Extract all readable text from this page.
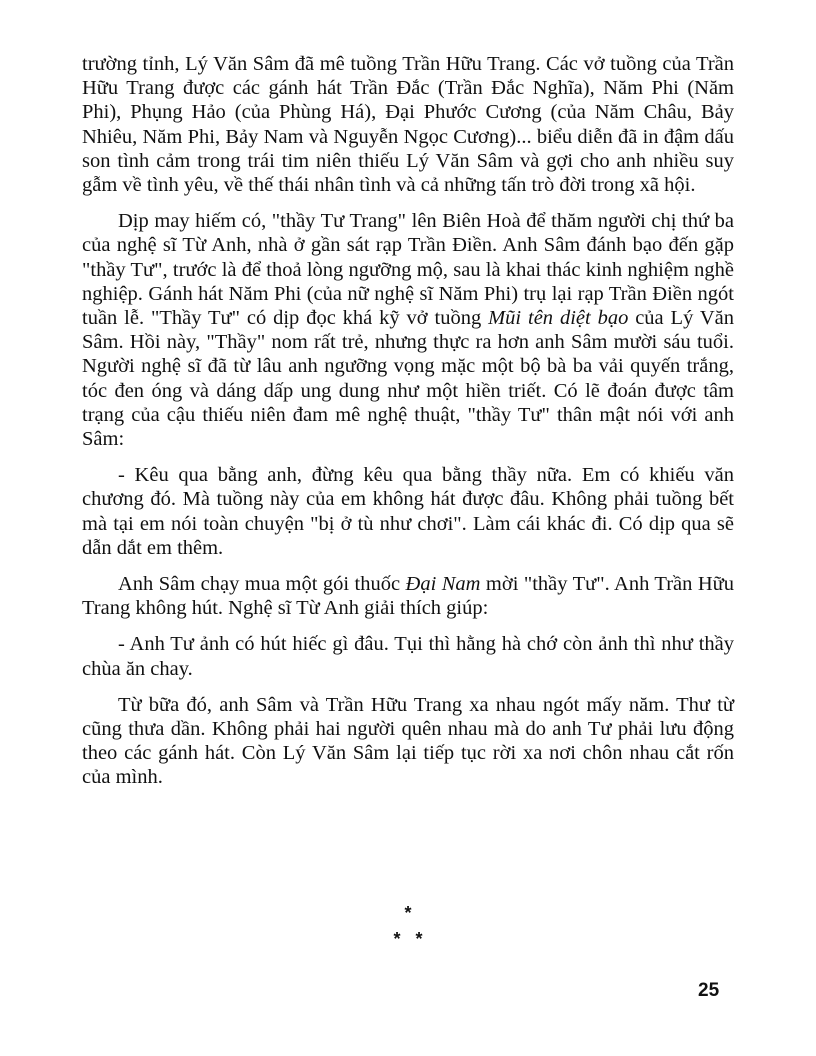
trường tỉnh, Lý Văn Sâm đã mê tuồng Trần Hữu Trang. Các vở tuồng của Trần Hữu Trang được các gánh hát Trần Đắc (Trần Đắc Nghĩa), Năm Phi (Năm Phi), Phụng Hảo (của Phùng Há), Đại Phước Cương (của Năm Châu, Bảy Nhiêu, Năm Phi, Bảy Nam và Nguyễn Ngọc Cương)... biểu diễn đã in đậm dấu son tình cảm trong trái tim niên thiếu Lý Văn Sâm và gợi cho anh nhiều suy gẫm về tình yêu, về thế thái nhân tình và cả những tấn trò đời trong xã hội.

Dịp may hiếm có, "thầy Tư Trang" lên Biên Hoà để thăm người chị thứ ba của nghệ sĩ Từ Anh, nhà ở gần sát rạp Trần Điền. Anh Sâm đánh bạo đến gặp "thầy Tư", trước là để thoả lòng ngưỡng mộ, sau là khai thác kinh nghiệm nghề nghiệp. Gánh hát Năm Phi (của nữ nghệ sĩ Năm Phi) trụ lại rạp Trần Điền ngót tuần lễ. "Thầy Tư" có dịp đọc khá kỹ vở tuồng Mũi tên diệt bạo của Lý Văn Sâm. Hồi này, "Thầy" nom rất trẻ, nhưng thực ra hơn anh Sâm mười sáu tuổi. Người nghệ sĩ đã từ lâu anh ngưỡng vọng mặc một bộ bà ba vải quyến trắng, tóc đen óng và dáng dấp ung dung như một hiền triết. Có lẽ đoán được tâm trạng của cậu thiếu niên đam mê nghệ thuật, "thầy Tư" thân mật nói với anh Sâm:

- Kêu qua bằng anh, đừng kêu qua bằng thầy nữa. Em có khiếu văn chương đó. Mà tuồng này của em không hát được đâu. Không phải tuồng bết mà tại em nói toàn chuyện "bị ở tù như chơi". Làm cái khác đi. Có dịp qua sẽ dẫn dắt em thêm.

Anh Sâm chạy mua một gói thuốc Đại Nam mời "thầy Tư". Anh Trần Hữu Trang không hút. Nghệ sĩ Từ Anh giải thích giúp:

- Anh Tư ảnh có hút hiếc gì đâu. Tụi thì hằng hà chớ còn ảnh thì như thầy chùa ăn chay.

Từ bữa đó, anh Sâm và Trần Hữu Trang xa nhau ngót mấy năm. Thư từ cũng thưa dần. Không phải hai người quên nhau mà do anh Tư phải lưu động theo các gánh hát. Còn Lý Văn Sâm lại tiếp tục rời xa nơi chôn nhau cắt rốn của mình.

*
*   *
25
